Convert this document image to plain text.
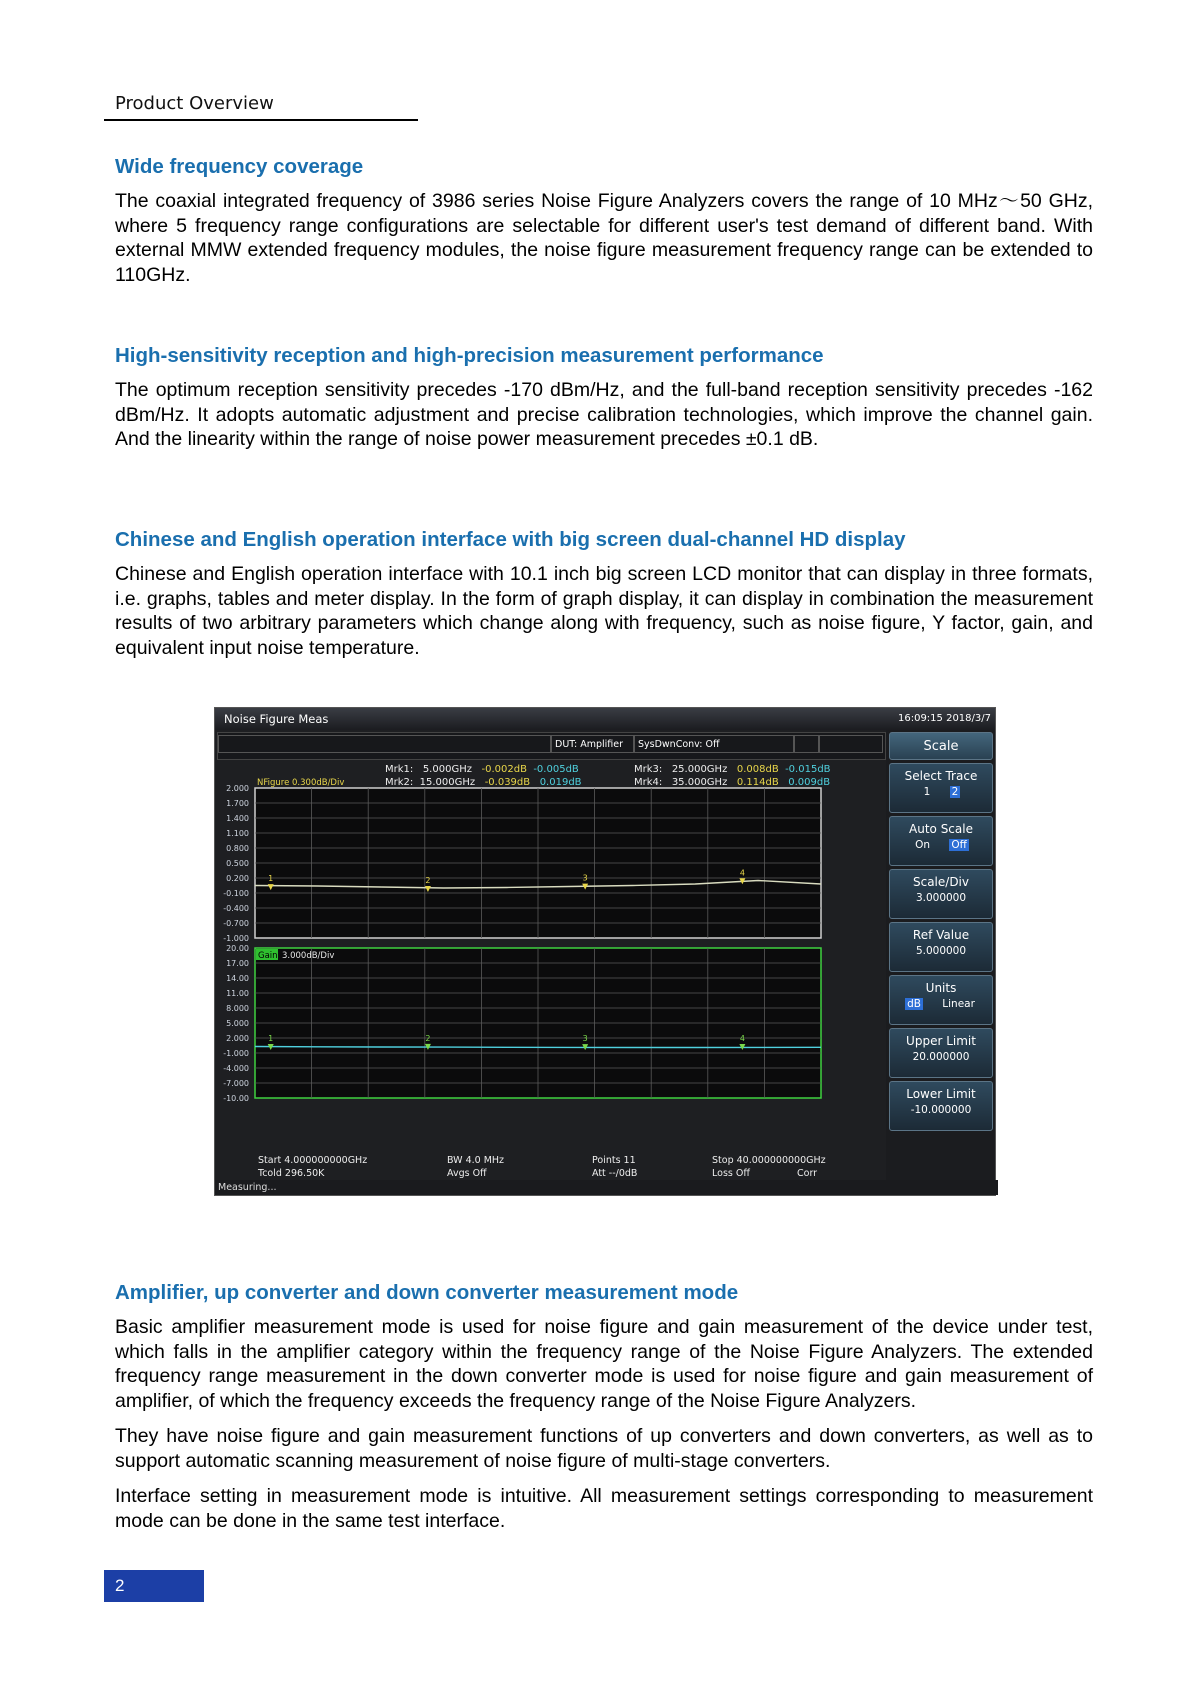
Product Overview
Wide frequency coverage

The coaxial integrated frequency of 3986 series Noise Figure Analyzers covers the range of 10 MHz～50 GHz, where 5 frequency range configurations are selectable for different user's test demand of different band. With external MMW extended frequency modules, the noise figure measurement frequency range can be extended to 110GHz.

High-sensitivity reception and high-precision measurement performance

The optimum reception sensitivity precedes -170 dBm/Hz, and the full-band reception sensitivity precedes -162 dBm/Hz. It adopts automatic adjustment and precise calibration technologies, which improve the channel gain. And the linearity within the range of noise power measurement precedes ±0.1 dB.

Chinese and English operation interface with big screen dual-channel HD display

Chinese and English operation interface with 10.1 inch big screen LCD monitor that can display in three formats, i.e. graphs, tables and meter display. In the form of graph display, it can display in combination the measurement results of two arbitrary parameters which change along with frequency, such as noise figure, Y factor, gain, and equivalent input noise temperature.

Noise Figure Meas	16:09:15 2018/3/7
DUT: Amplifier	SysDwnConv: Off
Mrk1: 5.000GHz -0.002dB -0.005dB
Mrk2: 15.000GHz -0.039dB 0.019dB
Mrk3: 25.000GHz 0.008dB -0.015dB
Mrk4: 35.000GHz 0.114dB 0.009dB
2.000
1.700
1.400
1.100
0.800
0.500
0.200
-0.100
-0.400
-0.700
-1.000
1	2	3
4
NFigure 0.300dB/Div
20.00
17.00
14.00
11.00
8.000
5.000
2.000
-1.000
-4.000
-7.000
-10.00
1	2	3	4
Gain 3.000dB/Div
Start 4.000000000GHz
Tcold 296.50K
BW 4.0 MHz
Avgs Off
Points 11
Att --/0dB
Stop 40.000000000GHz
Loss Off	Corr
Scale
Select Trace
1 2
Auto Scale
On Off
Scale/Div
3.000000
Ref Value
5.000000
Units
dB Linear
Upper Limit
20.000000
Lower Limit
-10.000000
Measuring...
Amplifier, up converter and down converter measurement mode

Basic amplifier measurement mode is used for noise figure and gain measurement of the device under test, which falls in the amplifier category within the frequency range of the Noise Figure Analyzers. The extended frequency range measurement in the down converter mode is used for noise figure and gain measurement of amplifier, of which the frequency exceeds the frequency range of the Noise Figure Analyzers.

They have noise figure and gain measurement functions of up converters and down converters, as well as to support automatic scanning measurement of noise figure of multi-stage converters.

Interface setting in measurement mode is intuitive. All measurement settings corresponding to measurement mode can be done in the same test interface.

2
